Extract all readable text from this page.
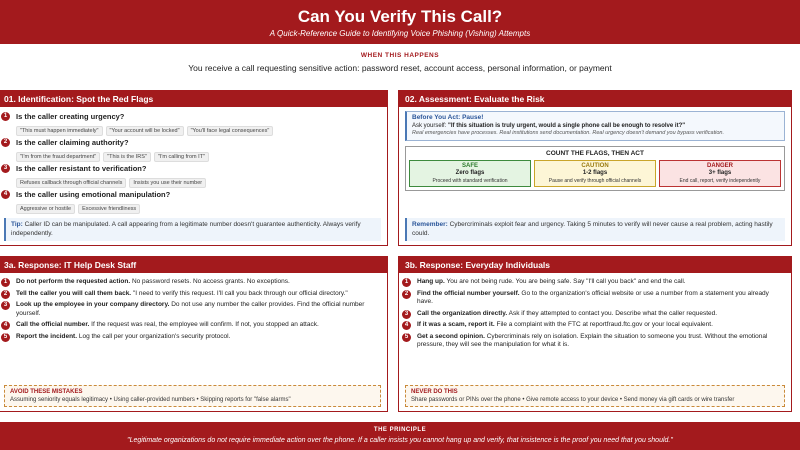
Can You Verify This Call?
A Quick-Reference Guide to Identifying Voice Phishing (Vishing) Attempts
WHEN THIS HAPPENS
You receive a call requesting sensitive action: password reset, account access, personal information, or payment
01. Identification: Spot the Red Flags
1	Is the caller creating urgency?
"This must happen immediately" "Your account will be locked" "You'll face legal consequences"
2	Is the caller claiming authority?
"I'm from the fraud department" "This is the IRS" "I'm calling from IT"
3	Is the caller resistant to verification?
Refuses callback through official channels Insists you use their number
4	Is the caller using emotional manipulation?
Aggressive or hostile Excessive friendliness
Tip: Caller ID can be manipulated. A call appearing from a legitimate number doesn't guarantee authenticity. Always verify independently.
02. Assessment: Evaluate the Risk
Before You Act: Pause!
Ask yourself: "If this situation is truly urgent, would a single phone call be enough to resolve it?"
Real emergencies have processes. Real institutions send documentation. Real urgency doesn't demand you bypass verification.
COUNT THE FLAGS, THEN ACT
SAFE
Zero flags
Proceed with standard verification
CAUTION
1-2 flags
Pause and verify through official channels
DANGER
3+ flags
End call, report, verify independently
Remember: Cybercriminals exploit fear and urgency. Taking 5 minutes to verify will never cause a real problem, acting hastily could.
3a. Response: IT Help Desk Staff
1	Do not perform the requested action. No password resets. No access grants. No exceptions.
2	Tell the caller you will call them back. "I need to verify this request. I'll call you back through our official directory."
3	Look up the employee in your company directory. Do not use any number the caller provides. Find the official number yourself.
4	Call the official number. If the request was real, the employee will confirm. If not, you stopped an attack.
5	Report the incident. Log the call per your organization's security protocol.
AVOID THESE MISTAKES
Assuming seniority equals legitimacy • Using caller-provided numbers • Skipping reports for "false alarms"
3b. Response: Everyday Individuals
1	Hang up. You are not being rude. You are being safe. Say "I'll call you back" and end the call.
2	Find the official number yourself. Go to the organization's official website or use a number from a statement you already have.
3	Call the organization directly. Ask if they attempted to contact you. Describe what the caller requested.
4	If it was a scam, report it. File a complaint with the FTC at reportfraud.ftc.gov or your local equivalent.
5	Get a second opinion. Cybercriminals rely on isolation. Explain the situation to someone you trust. Without the emotional pressure, they will see the manipulation for what it is.
NEVER DO THIS
Share passwords or PINs over the phone • Give remote access to your device • Send money via gift cards or wire transfer
THE PRINCIPLE
"Legitimate organizations do not require immediate action over the phone. If a caller insists you cannot hang up and verify, that insistence is the proof you need that you should."
